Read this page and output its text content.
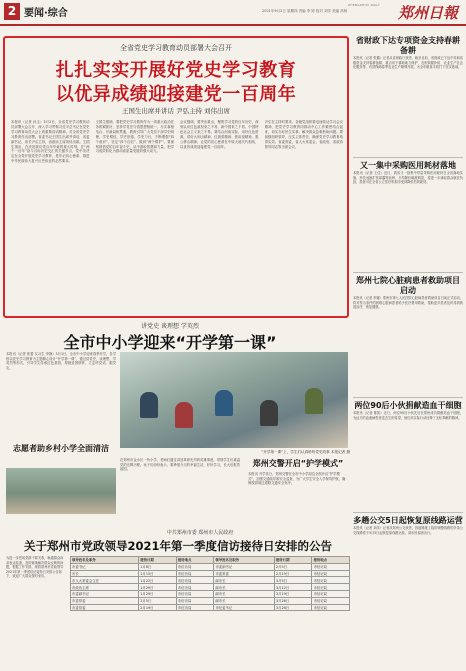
2 要闻·综合	2021年9月2日 星期四 责编 李 婷 校对 刘洋 美编 高杨
ZHENGZHOU DAILY 郑州日報
全省党史学习教育动员部署大会召开
扎扎实实开展好党史学习教育
以优异成绩迎接建党一百周年
王国生出席并讲话 尹弘主持 刘伟出席
本报讯（记者 孙玉）3月2日，全省党史学习教育动员部署大会召开，深入学习贯彻习近平总书记在党史学习教育动员大会上的重要讲话精神，对全省党史学习教育作出部署。省委书记王国生出席并讲话，省委副书记、省长尹弘主持，省政协主席刘伟出席。王国生指出，在庆祝我们党百年华诞的重大时刻，在“两个一百年”奋斗目标历史交汇的关键节点，党中央决定在全党开展党史学习教育，是牢记初心使命、推进中华民族伟大复兴历史伟业的必然要求。
王国生强调，要把党史学习教育作为一项重大政治任务抓紧抓好，坚持学党史与悟思想相统一、办实事相结合、开新局相贯通，教育引导广大党员干部学史明理、学史增信、学史崇德、学史力行，不断增强“四个意识”、坚定“四个自信”、做到“两个维护”。要深刻领悟党的百年奋斗史，从中汲取智慧和力量，把学习成效转化为推动高质量发展的强大动力。
会议强调，要突出重点，聚焦学习党的百年历史，深刻认识红色政权来之不易、新中国来之不易、中国特色社会主义来之不易。要结合河南实际，用好红色资源，讲好大别山精神、红旗渠精神、焦裕禄精神、愚公移山精神，让党的初心使命在中原大地代代相传，以优异成绩迎接建党一百周年。
尹弘在主持时要求，各级党组织要迅速传达学习会议精神，把党史学习教育同推动中心工作紧密结合起来，切实办好民生实事，解决群众急难愁盼问题。要加强组织领导，压实主体责任，确保党史学习教育取得实效。省委常委，省人大常委会、省政府、省政协领导同志等出席会议。
省财政下达专项资金支持春耕备耕
本报讯（记者 张璐）记者从省财政厅获悉，截至目前，省财政已下达中央和省级资金支持春耕备耕，重点用于耕地地力保护、农机购置补贴、农业生产社会化服务等，有效保障春季农业生产顺利开展，为全年粮食丰收打下坚实基础。
又一集中采购医用耗材落地
本报讯（记者 王佳）近日，我省又一批集中带量采购医用耗材在全省落地实施，涉及冠脉扩张球囊等品种，平均降价幅度明显，将进一步减轻群众就医负担，患者可在全省公立医疗机构享受到降价后的耗材。
郑州七院心脏病患者救助项目启动
本报讯（记者 李娜）郑州市第七人民医院心脏病患者救助项目日前正式启动，将对符合条件的困难心脏病患者给予医疗费用救助，帮助更多患者及时得到规范治疗，恢复健康。
两位90后小伙捐献造血干细胞
本报讯（记者 陈凯）近日，两位90后小伙先后在郑州成功捐献造血干细胞，为远方的血液病患者送去生的希望，他们用实际行动诠释了无私奉献的精神。
多趟公交5日起恢复原线路运营
本报讯（记者 刘洋）记者从郑州公交获悉，因道路施工临时调整线路的多条公交线路将于3月5日起恢复原线路运营，请市民留意出行。
讲党史 谈理想 学英烈
全市中小学迎来“开学第一课”
本报讯（记者 张蕾 实习生 李静）3月1日，全市中小学迎来春季开学，各学校以党史学习教育为主题精心设计“开学第一课”，通过讲党史、谈理想、学英烈等形式，引导学生传承红色基因，厚植爱国情怀，立志听党话、跟党走。
“开学第一课”上，学生们认真聆听党史故事 本报记者 摄
志愿者助乡村小学全面清洁
在郑州市金水区一所小学，老师们通过讲述革命先烈的英雄事迹，带领学生们重温党的光辉历程。孩子们纷纷表示，要珍惜今天的幸福生活，好好学习，长大后报效祖国。
郑州交警开启“护学模式”
本报讯 开学首日，郑州交警在全市中小学周边全面开启“护学模式”，加强交通疏导和安全巡查，为广大学生安全入学保驾护航，确保校园周边道路交通安全有序。
中共郑州市委 郑州市人民政府
关于郑州市党政领导2021年第一季度信访接待日安排的公告
为进一步密切党群干群关系，畅通群众诉求表达渠道，及时就地解决群众反映的问题，根据工作安排，现将郑州市党政领导2021年第一季度信访接待日安排公告如下，欢迎广大群众按时来访。
领导姓名及职务	接待日期	接待地点	领导姓名及职务	接待日期	接待地点
市委书记	1月8日	市信访局	市委副书记	2月5日	市信访局
市长	1月15日	市信访局	市委常委	2月19日	市信访局
市人大常委会主任	1月22日	市信访局	副市长	3月5日	市信访局
市政协主席	1月29日	市信访局	副市长	3月12日	市信访局
市委副书记	1月29日	市信访局	副市长	3月19日	市信访局
市委常委	2月5日	市信访局	副市长	3月26日	市信访局
市委常委	2月19日	市信访局	市纪委书记	3月26日	市信访局
